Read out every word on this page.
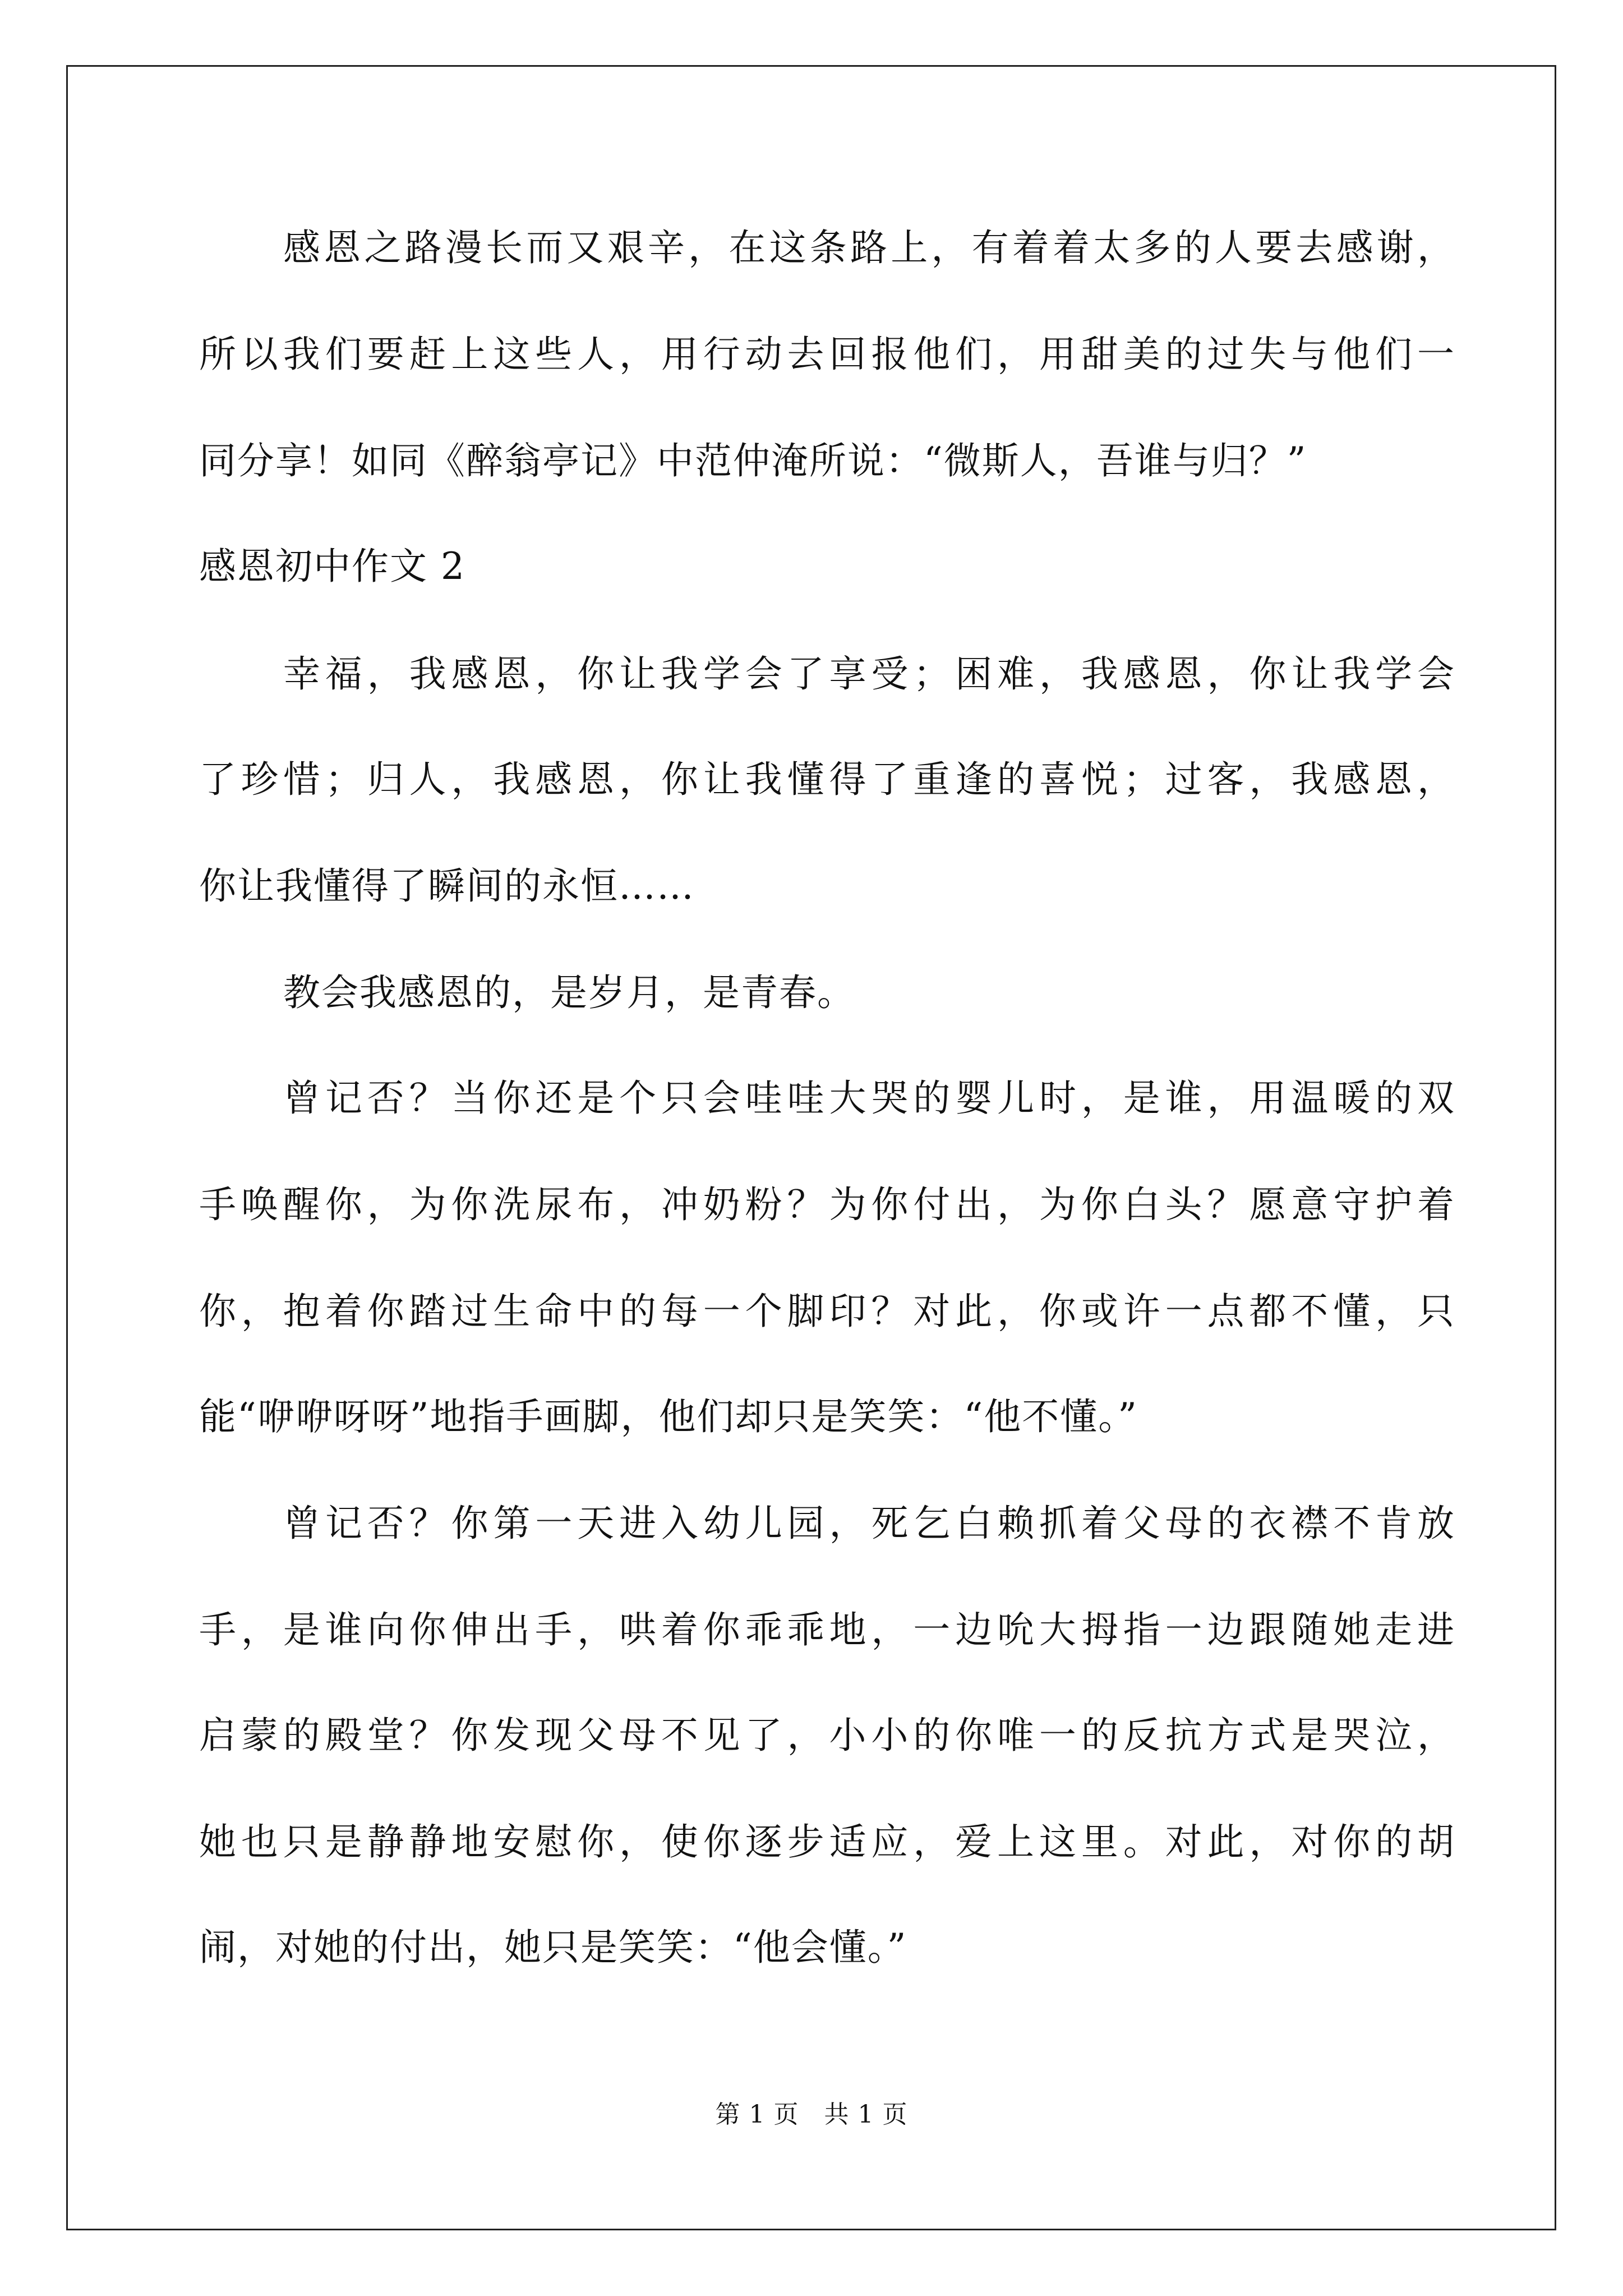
感恩之路漫长而又艰辛，在这条路上，有着着太多的人要去感谢，
所以我们要赶上这些人，用行动去回报他们，用甜美的过失与他们一
同分享！如同《醉翁亭记》中范仲淹所说：“微斯人，吾谁与归？”
感恩初中作文 2
幸福，我感恩，你让我学会了享受；困难，我感恩，你让我学会
了珍惜；归人，我感恩，你让我懂得了重逢的喜悦；过客，我感恩，
你让我懂得了瞬间的永恒……
教会我感恩的，是岁月，是青春。
曾记否？当你还是个只会哇哇大哭的婴儿时，是谁，用温暖的双
手唤醒你，为你洗尿布，冲奶粉？为你付出，为你白头？愿意守护着
你，抱着你踏过生命中的每一个脚印？对此，你或许一点都不懂，只
能“咿咿呀呀”地指手画脚，他们却只是笑笑：“他不懂。”
曾记否？你第一天进入幼儿园，死乞白赖抓着父母的衣襟不肯放
手，是谁向你伸出手，哄着你乖乖地，一边吮大拇指一边跟随她走进
启蒙的殿堂？你发现父母不见了，小小的你唯一的反抗方式是哭泣，
她也只是静静地安慰你，使你逐步适应，爱上这里。对此，对你的胡
闹，对她的付出，她只是笑笑：“他会懂。”
第 1 页　共 1 页
